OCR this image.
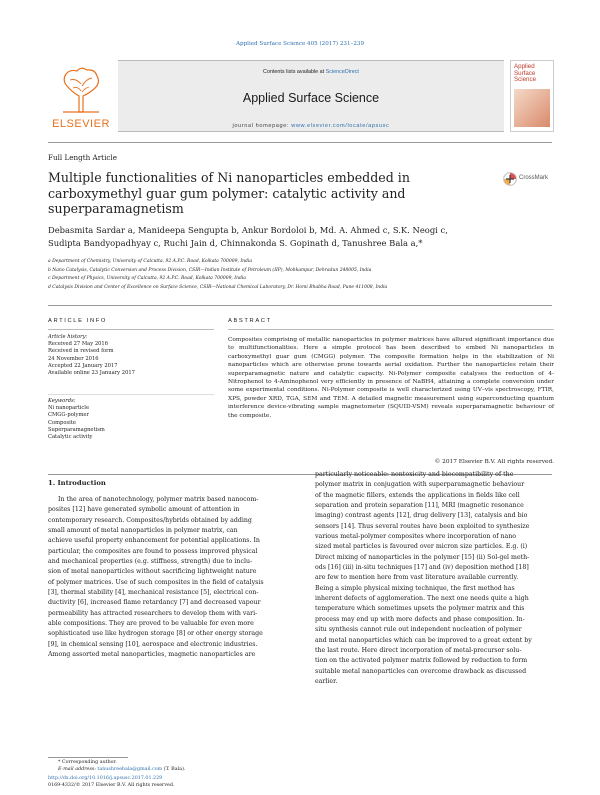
Applied Surface Science 405 (2017) 231–239
ELSEVIER
Contents lists available at ScienceDirect
Applied Surface Science
journal homepage: www.elsevier.com/locate/apsusc
Applied Surface Science
Full Length Article
Multiple functionalities of Ni nanoparticles embedded in
carboxymethyl guar gum polymer: catalytic activity and
superparamagnetism
CrossMark
Debasmita Sardar a, Manideepa Sengupta b, Ankur Bordoloi b, Md. A. Ahmed c, S.K. Neogi c,
Sudipta Bandyopadhyay c, Ruchi Jain d, Chinnakonda S. Gopinath d, Tanushree Bala a,*
a Department of Chemistry, University of Calcutta, 92 A.P.C. Road, Kolkata 700009, India
b Nano Catalysis, Catalytic Conversion and Process Division, CSIR—Indian Institute of Petroleum (IIP), Mohkampur, Dehradun 248005, India
c Department of Physics, University of Calcutta, 92 A.P.C. Road, Kolkata 700009, India
d Catalysis Division and Center of Excellence on Surface Science, CSIR—National Chemical Laboratory, Dr. Homi Bhabha Road, Pune 411008, India
ARTICLE INFO
Article history:
Received 27 May 2016
Received in revised form
24 November 2016
Accepted 22 January 2017
Available online 23 January 2017
Keywords:
Ni nanoparticle
CMGG-polymer
Composite
Superparamagnetism
Catalytic activity
ABSTRACT
Composites comprising of metallic nanoparticles in polymer matrices have allured significant importance due to multifunctionalities. Here a simple protocol has been described to embed Ni nanoparticles in carboxymethyl guar gum (CMGG) polymer. The composite formation helps in the stabilization of Ni nanoparticles which are otherwise prone towards aerial oxidation. Further the nanoparticles retain their superparamagnetic nature and catalytic capacity. Ni-Polymer composite catalyses the reduction of 4-Nitrophenol to 4-Aminophenol very efficiently in presence of NaBH4, attaining a complete conversion under some experimental conditions. Ni-Polymer composite is well characterized using UV–vis spectroscopy, FTIR, XPS, powder XRD, TGA, SEM and TEM. A detailed magnetic measurement using superconducting quantum interference device-vibrating sample magnetometer (SQUID-VSM) reveals superparamagnetic behaviour of the composite.
© 2017 Elsevier B.V. All rights reserved.
1. Introduction
In the area of nanotechnology, polymer matrix based nanocom-
posites [12] have generated symbolic amount of attention in
contemporary research. Composites/hybrids obtained by adding
small amount of metal nanoparticles in polymer matrix, can
achieve useful property enhancement for potential applications. In
particular, the composites are found to possess improved physical
and mechanical properties (e.g. stiffness, strength) due to inclu-
sion of metal nanoparticles without sacrificing lightweight nature
of polymer matrices. Use of such composites in the field of catalysis
[3], thermal stability [4], mechanical resistance [5], electrical con-
ductivity [6], increased flame retardancy [7] and decreased vapour
permeability has attracted researchers to develop them with vari-
able compositions. They are proved to be valuable for even more
sophisticated use like hydrogen storage [8] or other energy storage
[9], in chemical sensing [10], aerospace and electronic industries.
Among assorted metal nanoparticles, magnetic nanoparticles are
particularly noticeable: nontoxicity and biocompatibility of the
polymer matrix in conjugation with superparamagnetic behaviour
of the magnetic fillers, extends the applications in fields like cell
separation and protein separation [11], MRI (magnetic resonance
imaging) contrast agents [12], drug delivery [13], catalysis and bio
sensors [14]. Thus several routes have been exploited to synthesize
various metal-polymer composites where incorporation of nano
sized metal particles is favoured over micron size particles. E.g. (i)
Direct mixing of nanoparticles in the polymer [15] (ii) Sol-gel meth-
ods [16] (iii) in-situ techniques [17] and (iv) deposition method [18]
are few to mention here from vast literature available currently.
Being a simple physical mixing technique, the first method has
inherent defects of agglomeration. The next one needs quite a high
temperature which sometimes upsets the polymer matrix and this
process may end up with more defects and phase composition. In-
situ synthesis cannot rule out independent nucleation of polymer
and metal nanoparticles which can be improved to a great extent by
the last route. Here direct incorporation of metal-precursor solu-
tion on the activated polymer matrix followed by reduction to form
suitable metal nanoparticles can overcome drawback as discussed
earlier.
* Corresponding author.
E-mail address: tanushreebala@gmail.com (T. Bala).
http://dx.doi.org/10.1016/j.apsusc.2017.01.229
0169-4332/© 2017 Elsevier B.V. All rights reserved.
